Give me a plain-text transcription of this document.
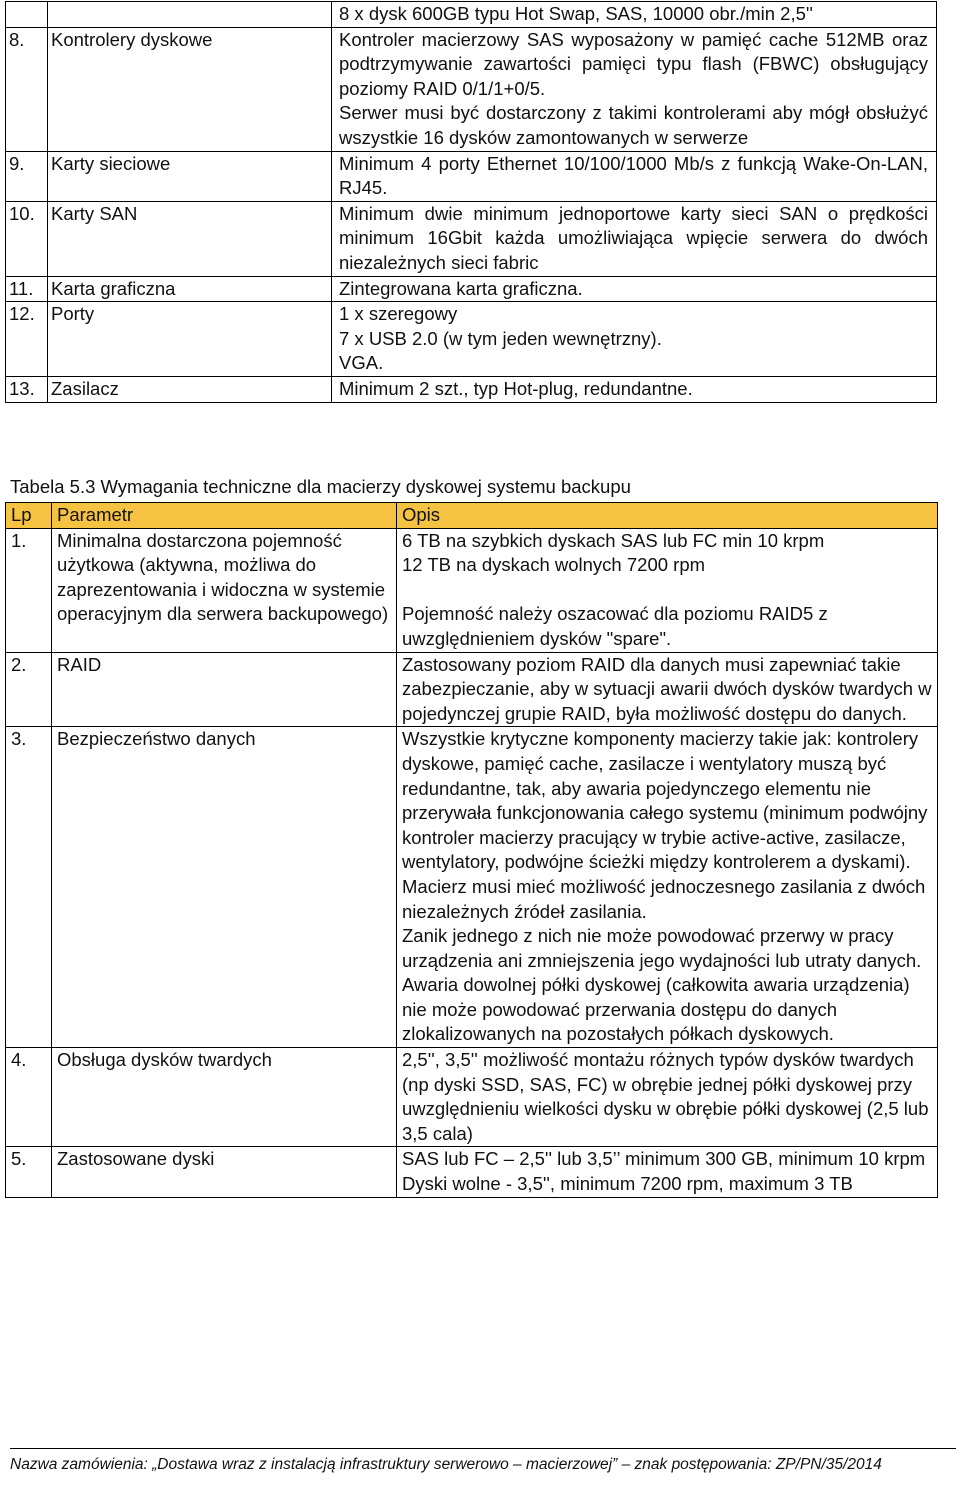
		8 x dysk 600GB typu Hot Swap, SAS, 10000 obr./min 2,5''

8.	Kontrolery dyskowe	Kontroler macierzowy SAS wyposażony w pamięć cache 512MB oraz podtrzymywanie zawartości pamięci typu flash (FBWC) obsługujący poziomy RAID 0/1/1+0/5.
Serwer musi być dostarczony z takimi kontrolerami aby mógł obsłużyć wszystkie 16 dysków zamontowanych w serwerze

9.	Karty sieciowe	Minimum 4 porty Ethernet 10/100/1000 Mb/s z funkcją Wake-On-LAN, RJ45.

10.	Karty SAN	Minimum dwie minimum jednoportowe karty sieci SAN o prędkości minimum 16Gbit każda umożliwiająca wpięcie serwera do dwóch niezależnych sieci fabric

11.	Karta graficzna	Zintegrowana karta graficzna.

12.	Porty	1 x szeregowy
7 x USB 2.0 (w tym jeden wewnętrzny).
VGA.

13.	Zasilacz	Minimum 2 szt., typ Hot-plug, redundantne.
Tabela 5.3 Wymagania techniczne dla macierzy dyskowej systemu backupu
Lp	Parametr	Opis
1.	Minimalna dostarczona pojemność użytkowa (aktywna, możliwa do zaprezentowania i widoczna w systemie operacyjnym dla serwera backupowego)	6 TB na szybkich dyskach SAS lub FC min 10 krpm
12 TB na dyskach wolnych 7200 rpm
Pojemność należy oszacować dla poziomu RAID5 z uwzględnieniem dysków "spare".

2.	RAID	Zastosowany poziom RAID dla danych musi zapewniać takie zabezpieczanie, aby w sytuacji awarii dwóch dysków twardych w pojedynczej grupie RAID, była możliwość dostępu do danych.

3.	Bezpieczeństwo danych	Wszystkie krytyczne komponenty macierzy takie jak: kontrolery dyskowe, pamięć cache, zasilacze i wentylatory muszą być redundantne, tak, aby awaria pojedynczego elementu nie przerywała funkcjonowania całego systemu (minimum podwójny kontroler macierzy pracujący w trybie active-active, zasilacze, wentylatory, podwójne ścieżki między kontrolerem a dyskami).
Macierz musi mieć możliwość jednoczesnego zasilania z dwóch niezależnych źródeł zasilania.
Zanik jednego z nich nie może powodować przerwy w pracy urządzenia ani zmniejszenia jego wydajności lub utraty danych.
Awaria dowolnej półki dyskowej (całkowita awaria urządzenia) nie może powodować przerwania dostępu do danych zlokalizowanych na pozostałych półkach dyskowych.

4.	Obsługa dysków twardych	2,5'', 3,5'' możliwość montażu różnych typów dysków twardych (np dyski SSD, SAS, FC) w obrębie jednej półki dyskowej przy uwzględnieniu wielkości dysku w obrębie półki dyskowej (2,5 lub 3,5 cala)

5.	Zastosowane dyski	SAS lub FC – 2,5'' lub 3,5’’ minimum 300 GB, minimum 10 krpm
Dyski wolne - 3,5'', minimum 7200 rpm, maximum 3 TB
Nazwa zamówienia: „Dostawa wraz z instalacją infrastruktury serwerowo – macierzowej” – znak postępowania: ZP/PN/35/2014
